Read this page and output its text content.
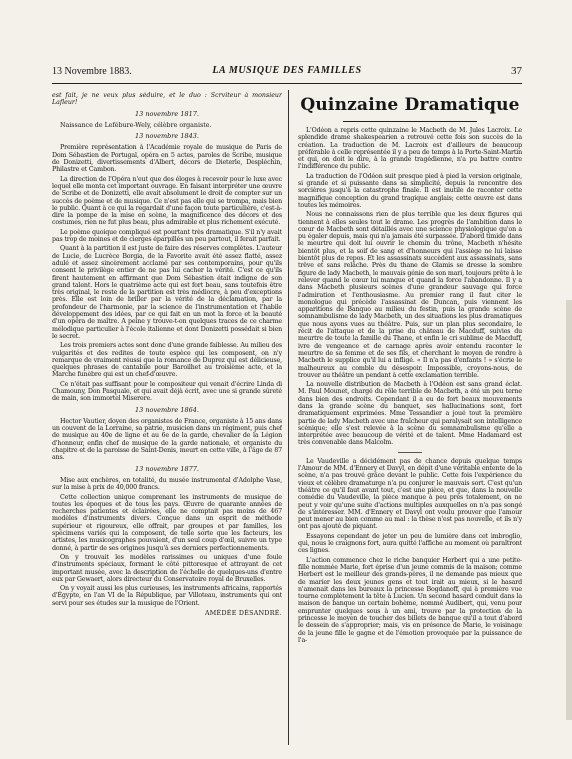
13 Novembre 1883.	LA MUSIQUE DES FAMILLES	37

est fait, je ne veux plus séduire, et le duo : Scrviteur à monsieur Lafleur!

13 novembre 1817.

Naissance de Lefébure-Wely, célèbre organiste.

13 novembre 1843.

Première représentation à l'Académie royale de musique de Paris de Dom Sébastien de Portugal, opéra en 5 actes, paroles de Scribe, musique de Donizetti, divertissements d'Albert, décors de Dieterle, Despléchin, Philastre et Cambon.

La direction de l'Opéra n'eut que des éloges à recevoir pour le luxe avec lequel elle monta cet important ouvrage. En faisant interpréter une œuvre de Scribe et de Donizetti, elle avait absolument le droit de compter sur un succès de poème et de musique. Ce n'est pas elle qui se trompa, mais bien le public. Quant à ce qui la regardait d'une façon toute particulière, c'est-à-dire la pompe de la mise en scène, la magnificence des décors et des costumes, rien ne fut plus beau, plus admirable et plus richement exécuté.

Le poème quoique compliqué est pourtant très dramatique. S'il n'y avait pas trop de moines et de cierges éparpillés un peu partout, il ferait parfait.

Quant à la partition il est juste de faire des réserves complètes. L'auteur de Lucie, de Lucrèce Borgia, de la Favorite avait été assez flatté, assez adulé et assez sincèrement acclamé par ses contemporains, pour qu'ils consent le privilège entier de ne pas lui cacher la vérité. C'est ce qu'ils firent hautement en affirmant que Dom Sébastien était indigne de son grand talent. Hors le quatrième acte qui est fort beau, sans toutefois être très original, le reste de la partition est très médiocre, à peu d'exceptions près. Elle est loin de briller par la vérité de la déclamation, par la profondeur de l'harmonie, par la science de l'instrumentation et l'habile développement des idées, par ce qui fait en un mot la force et la beauté d'un opéra de maître. A peine y trouve-t-on quelques traces de ce charme mélodique particulier à l'école italienne et dont Donizetti possédait si bien le secret.

Les trois premiers actes sont donc d'une grande faiblesse. Au milieu des vulgarités et des redites de toute espèce qui les composent, on n'y remarque de vraiment réussi que la romance de Duprez qui est délicieuse, quelques phrases de cantabile pour Baroilhet au troisième acte, et la Marche funèbre qui est un chef-d'œuvre.

Ce n'était pas suffisant pour le compositeur qui venait d'écrire Linda di Chamouny, Don Pasquale, et qui avait déjà écrit, avec une si grande sûreté de main, son immortel Miserere.

13 novembre 1864.

Hector Vautier, doyen des organistes de France, organiste à 15 ans dans un couvent de la Lorraine, sa patrie, musicien dans un régiment, puis chef de musique au 40e de ligne et au 6e de la garde, chevalier de la Légion d'honneur, enfin chef de musique de la garde nationale, et organiste du chapitre et de la paroisse de Saint-Denis, meurt en cette ville, à l'âge de 87 ans.

13 novembre 1877.

Mise aux enchères, en totalité, du musée instrumental d'Adolphe Vase, sur la mise à prix de 40,000 francs.

Cette collection unique comprenant les instruments de musique de toutes les époques et de tous les pays. Œuvre de quarante années de recherches patientes et éclairées, elle ne comptait pas moins de 467 modèles d'instruments divers. Conçue dans un esprit de méthode supérieur et rigoureux, elle offrait, par groupes et par familles, les spécimens variés qui la composent, de telle sorte que les facteurs, les artistes, les musicographes pouvaient, d'un seul coup d'œil, suivre un type donné, à partir de ses origines jusqu'à ses derniers perfectionnements.

On y trouvait les modèles rarissimes ou uniques d'une foule d'instruments spéciaux, formant le côté pittoresque et attrayant de cet important musée, avec la description de l'échelle de quelques-uns d'entre eux par Gewaert, alors directeur du Conservatoire royal de Bruxelles.

On y voyait aussi les plus curieuses, les instruments africains, rapportés d'Égypte, en l'an VI de la République, par Villoteau, instruments qui ont servi pour ses études sur la musique de l'Orient.

AMÉDÉE DÉSANDRÉ.

Quinzaine Dramatique

L'Odéon a repris cette quinzaine le Macbeth de M. Jules Lacroix. Le splendide drame shakespearien a retrouvé cette fois son succès de la création. La traduction de M. Lacroix est d'ailleurs de beaucoup préférable à celle représentée il y a peu de temps à la Porte-Saint-Martin et qui, on doit le dire, à la grande tragédienne, n'a pu battre contre l'indifférence du public.

La traduction de l'Odéon suit presque pied à pied la version originale, si grande et si puissante dans sa simplicité, depuis la rencontre des sorcières jusqu'à la catastrophe finale. Il est inutile de raconter cette magnifique conception du grand tragique anglais; cette œuvre est dans toutes les mémoires.

Nous ne connaissons rien de plus terrible que les deux figures qui tiennent à elles seules tout le drame. Les progrès de l'ambition dans le cœur de Macbeth sont détaillés avec une science physiologique qu'on a pu égaler depuis, mais qui n'a jamais été surpassée. D'abord timide dans le meurtre qui doit lui ouvrir le chemin du trône, Macbeth n'hésite bientôt plus, et la soif de sang et d'honneurs qui l'assiège ne lui laisse bientôt plus de repos. Et les assassinats succèdent aux assassinats, sans trêve et sans relâche. Près du thane de Glamis se dresse la sombre figure de lady Macbeth, le mauvais génie de son mari, toujours prête à le relever quand le cœur lui manque et quand la force l'abandonne. Il y a dans Macbeth plusieurs scènes d'une grandeur sauvage qui force l'admiration et l'enthousiasme. Au premier rang il faut citer le monologue qui précède l'assassinat de Duncan, puis viennent les apparitions de Banquo au milieu du festin, puis la grande scène de somnambulisme de lady Macbeth, un des situations les plus dramatiques que nous ayons vues au théâtre. Puis, sur un plan plus secondaire, le récit de l'attaque et de la prise du château de Macduff, suivies du meurtre de toute la famille du Thane, et enfin le cri sublime de Macduff, ivre de vengeance et de carnage après avoir entendu raconter le meurtre de sa femme et de ses fils, et cherchant le moyen de rendre à Macbeth le supplice qu'il lui a infligé. « Il n'a pas d'enfants ! » s'écrie le malheureux au comble du désespoir. Impossible, croyons-nous, de trouver au théâtre un pendant à cette exclamation terrible.

La nouvelle distribution de Macbeth à l'Odéon est sans grand éclat. M. Paul Mounet, chargé du rôle terrible de Macbeth, a été un peu terne dans bien des endroits. Cependant il a eu de fort beaux mouvements dans la grande scène du banquet, ses hallucinations sont, fort dramatiquement exprimées. Mme Tessandier a joué tout la première partie de lady Macbeth avec une fraîcheur qui paralysait son intelligence scénique; elle s'est relevée à la scène du somnambulisme qu'elle a interprétée avec beaucoup de vérité et de talent. Mme Hadamard est très convenable dans Malcolm.

Le Vaudeville a décidément pas de chance depuis quelque temps l'Amour de MM. d'Ennery et Davyl, en dépit d'une véritable entente de la scène, n'a pas trouvé grâce devant le public. Cette fois l'expérience du vieux et célèbre dramaturge n'a pu conjurer le mauvais sort. C'est qu'un théâtre ce qu'il faut avant tout, c'est une pièce, et que, dans la nouvelle comédie du Vaudeville, la pièce manque à peu près totalement, on ne peut y voir qu'une suite d'actions multiples auxquelles on n'a pas songé de s'intéresser. MM. d'Ennery et Davyl ont voulu prouver que l'amour peut mener au bien comme au mal : la thèse n'est pas nouvelle, et ils n'y ont pas ajouté de piquant.

Essayons cependant de jeter un peu de lumière dans cet imbroglio, qui, nous le craignons fort, aura quitté l'affiche au moment où paraîtront ces lignes.

L'action commence chez le riche banquier Herbert qui a une petite-fille nommée Marie, fort éprise d'un jeune commis de la maison; comme Herbert est le meilleur des grands-pères, il ne demande pas mieux que de marier les deux jeunes gens et tout irait au mieux, si le hasard n'amenait dans les bureaux la princesse Bogdanoff, qui à première vue tourne complètement la tête à Lucien. Un second hasard conduit dans la maison de banque un certain bohème, nommé Audibert, qui, venu pour emprunter quelques sous à un ami, trouve par la protection de la princesse le moyen de toucher des billets de banque qu'il a tout d'abord le dessein de s'approprier; mais, vis en présence de Marie, le voisinage de la jeune fille le gagne et de l'émotion provoquée par la puissance de l'a-
